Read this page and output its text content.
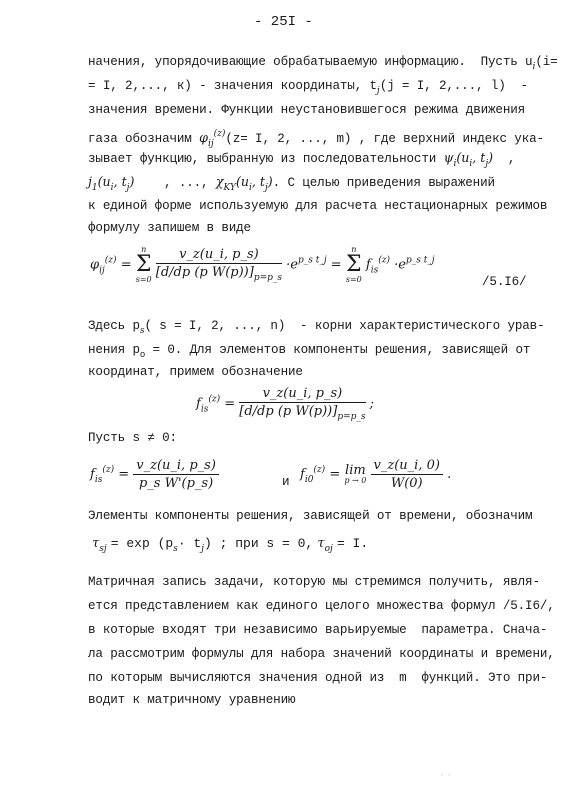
- 25I -
начения, упорядочивающие обрабатываемую информацию.  Пусть $u_i(i=$
= I, 2,..., к) - значения координаты, $t_j(j = I$, 2,..., l)  -
значения времени. Функции неустановившегося режима движения
газа обозначим $\varphi_{ij}^{(z)}(z= I$, 2, ..., m) , где верхний индекс ука-
зывает функцию, выбранную из последовательности $\psi_i(u_i$, $t_j$)  ,
$j_1(u_i$, $t_j$) , ..., $\chi_{KY}(u_i$, $t_j$). С целью приведения выражений
к единой форме используемую для расчета нестационарных режимов
формулу запишем в виде
$\varphi_{ij}^{(z)}$ =
n
Σ
s=0
$\frac{v\_z(u\_i, p\_s)}{[d/dp (p W(p))]_{p=p\_s}} \cdot e^{p\_s t\_j}$ =
n
Σ
s=0
$f_{is}^{(z)} \cdot e^{p\_s t\_j}$
/5.I6/
Здесь $p_s$( s = I, 2, ..., n)  - корни характеристического урав-
нения $p_o = 0$. Для элементов компоненты решения, зависящей от
координат, примем обозначение
$f_{is}^{(z)} = \frac{v\_z(u\_i, p\_s)}{[d/dp (p W(p))]_{p=p\_s}}$ ;
Пусть s ≠ 0:
$f_{is}^{(z)} = \frac{v\_z(u\_i, p\_s)}{\text{p\_s W'(p\_s)}}$	и $f_{i0}^{(z)} = \lim$
p → 0
$\frac{v\_z(u\_i, 0)}{W(0)}$ .
Элементы компоненты решения, зависящей от времени, обозначим
$\tau_{sj} = \exp (p_s\cdot t_j)$ ; при s = 0, $\tau_{oj} = I$.
Матричная запись задачи, которую мы стремимся получить, явля-
ется представлением как единого целого множества формул /5.I6/,
в которые входят три независимо варьируемые  параметра. Снача-
ла рассмотрим формулы для набора значений координаты и времени,
по которым вычисляются значения одной из  m  функций. Это при-
водит к матричному уравнению
· ·
